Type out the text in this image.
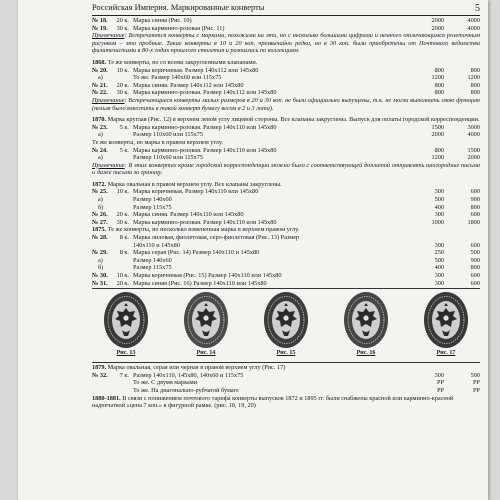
Российская Империя. Маркированные конверты	5
№ 18.	20 к. Марка синяя (Рис. 10)	2000	4000
№ 19.	30 к. Марка карминно-розовая (Рис. 11)	2000	4000
Примечание: Встречаются конверты с марками, похожими на эти, но с несколько большими цифрами и немного отличающимся розеточным рисунком – это пробные. Такие конверты в 10 и 20 коп. чрезвычайно редки, но в 30 коп. были приобретены от Почтового ведомства филателистами в 80-х годах прошлого столетия и разошлись по коллекциям.
1868. Те же конверты, но со всеми закругленными клапанами.
№ 20.	10 к. Марка коричневая. Размер 140х112 или 145х80	800	800
а)	То же. Размер 140х60 или 115х75	1200	1200
№ 21.	20 к. Марка синяя. Размер 140х112 или 145х80	800	800
№ 22.	30 к. Марка карминно-розовая. Размер 140х112 или 145х80	800	800
Примечание: Встречающиеся конверты малых размеров в 20 и 30 коп. не были официально выпущены, т.к. не могли выполнить свою функцию (нельзя было вместить в такой конверт бумагу весом в 2 и 3 лота).
1870. Марка круглая (Рис. 12) в верхнем левом углу лицевой стороны. Все клапаны закруглены. Выпуск для оплаты городской корреспонденции.
№ 23.	5 к. Марка карминно-розовая. Размер 140х110 или 145х80	1500	3000
а)	Размер 110х60 или 115х75	2000	4000
Те же конверты, но марка в правом верхнем углу.
№ 24.	5 к. Марка карминно-розовая. Размер 140х110 или 145х80	800	1500
а)	Размер 110х60 или 115х75	1200	2000
Примечание: В этих конвертах кроме городской корреспонденции можно было с соответствующей доплатой отправлять иногородние письма и даже письма за границу.
1872. Марка овальная в правом верхнем углу. Все клапаны закруглены.
№ 25.	10 к. Марка коричневая. Размер 140х110 или 145х80	300	600
а)	Размер 140х60	500	900
б)	Размер 115х75	400	800
№ 26.	20 к. Марка синяя. Размер 140х110 или 145х80	300	600
№ 27.	30 к. Марка карминно-розовая. Размер 140х110 или 145х80	1000	1800
1875. Те же конверты, но несколько измененная марка в верхнем правом углу.
№ 28.	8 к. Марка лиловая, фиолетовая, серо-фиолетовая (Рис. 13) Размер
140х110 и 145х80	300	600
№ 29.	8 к. Марка серая (Рис. 14) Размер 140х110 и 145х80	250	500
а)	Размер 140х60	500	900
б)	Размер 115х75	400	800
№ 30.	10 к. Марка коричневая (Рис. 15) Размер 140х110 или 145х80	300	600
№ 31.	20 к. Марка синяя (Рис. 16) Размер 140х110 или 145х80	300	600
Рис. 13	Рис. 14	Рис. 15	Рис. 16	Рис. 17
1879. Марка овальная, серая или черная в правом верхнем углу (Рис. 17)
№ 32.	7 к. Размер 140х110, 145х80, 140х60 и 115х75	300	500
То же. С двумя марками	РР	РР
То же. На диагонально-рубчатой бумаге	РР	РР
1880-1881. В связи с понижением почтового тарифа конверты выпусков 1872 и 1895 гг. были снабжены красной или карминно-красной надпечаткой «цена 7 коп.» в фигурной рамке. (рис. 18, 19, 20)
